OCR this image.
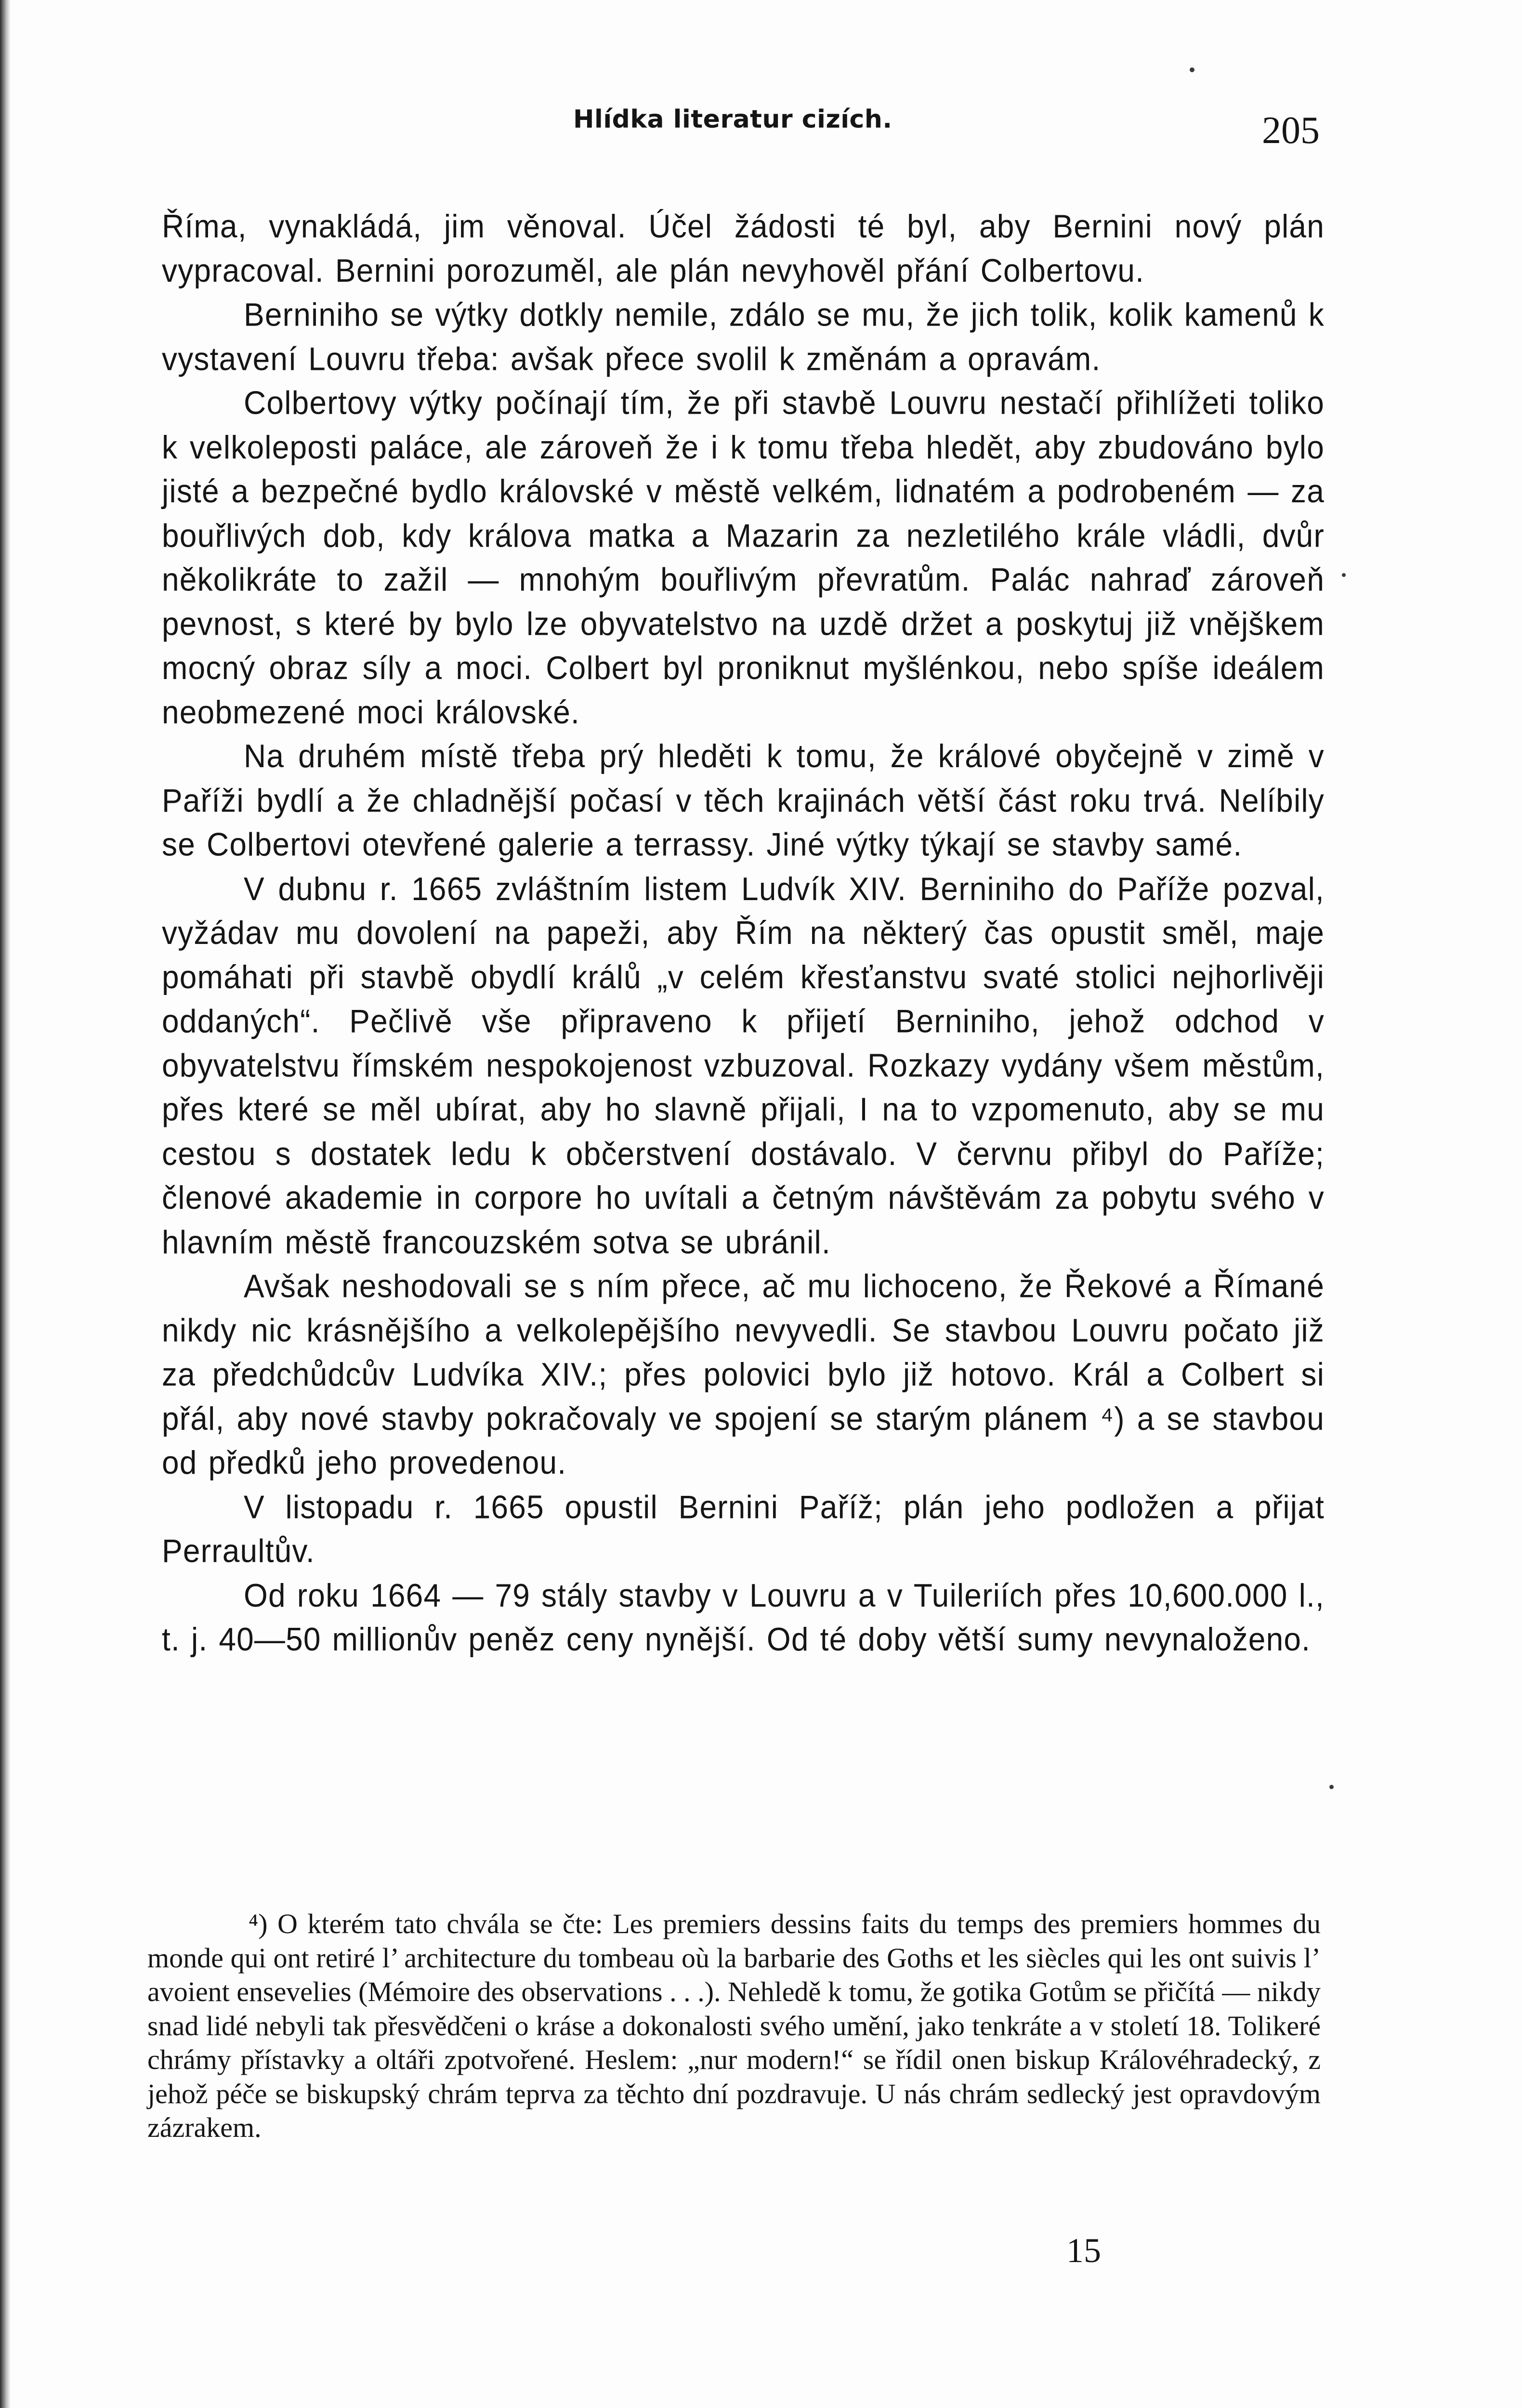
Hlídka literatur cizích.	205

Říma, vynakládá, jim věnoval. Účel žádosti té byl, aby Bernini nový plán vypracoval. Bernini porozuměl, ale plán nevyhověl přání Colbertovu.

Berniniho se výtky dotkly nemile, zdálo se mu, že jich tolik, kolik kamenů k vystavení Louvru třeba: avšak přece svolil k změnám a opravám.

Colbertovy výtky počínají tím, že při stavbě Louvru nestačí přihlížeti toliko k velkoleposti paláce, ale zároveň že i k tomu třeba hledět, aby zbudováno bylo jisté a bezpečné bydlo královské v městě velkém, lidnatém a podrobeném — za bouřlivých dob, kdy králova matka a Mazarin za nezletilého krále vládli, dvůr několikráte to zažil — mnohým bouřlivým převratům. Palác nahraď zároveň pevnost, s které by bylo lze obyvatelstvo na uzdě držet a poskytuj již vnějškem mocný obraz síly a moci. Colbert byl proniknut myšlénkou, nebo spíše ideálem neobmezené moci královské.

Na druhém místě třeba prý hleděti k tomu, že králové obyčejně v zimě v Paříži bydlí a že chladnější počasí v těch krajinách větší část roku trvá. Nelíbily se Colbertovi otevřené galerie a terrassy. Jiné výtky týkají se stavby samé.

V dubnu r. 1665 zvláštním listem Ludvík XIV. Berniniho do Paříže pozval, vyžádav mu dovolení na papeži, aby Řím na některý čas opustit směl, maje pomáhati při stavbě obydlí králů „v celém křesťanstvu svaté stolici nejhorlivěji oddaných“. Pečlivě vše připraveno k přijetí Berniniho, jehož odchod v obyvatelstvu římském nespokojenost vzbuzoval. Rozkazy vydány všem městům, přes které se měl ubírat, aby ho slavně přijali, I na to vzpomenuto, aby se mu cestou s dostatek ledu k občerstvení dostávalo. V červnu přibyl do Paříže; členové akademie in corpore ho uvítali a četným návštěvám za pobytu svého v hlavním městě francouzském sotva se ubránil.

Avšak neshodovali se s ním přece, ač mu lichoceno, že Řekové a Římané nikdy nic krásnějšího a velkolepějšího nevyvedli. Se stavbou Louvru počato již za předchůdcův Ludvíka XIV.; přes polovici bylo již hotovo. Král a Colbert si přál, aby nové stavby pokračovaly ve spojení se starým plánem ⁴) a se stavbou od předků jeho provedenou.

V listopadu r. 1665 opustil Bernini Paříž; plán jeho podložen a přijat Perraultův.

Od roku 1664 — 79 stály stavby v Louvru a v Tuileriích přes 10,600.000 l., t. j. 40—50 millionův peněz ceny nynější. Od té doby větší sumy nevynaloženo.

⁴) O kterém tato chvála se čte: Les premiers dessins faits du temps des premiers hommes du monde qui ont retiré l’ architecture du tombeau où la barbarie des Goths et les siècles qui les ont suivis l’ avoient ensevelies (Mémoire des observations . . .). Nehledě k tomu, že gotika Gotům se přičítá — nikdy snad lidé nebyli tak přesvědčeni o kráse a dokonalosti svého umění, jako tenkráte a v století 18. Tolikeré chrámy přístavky a oltáři zpotvořené. Heslem: „nur modern!“ se řídil onen biskup Královéhradecký, z jehož péče se biskupský chrám teprva za těchto dní pozdravuje. U nás chrám sedlecký jest opravdovým zázrakem.

15
